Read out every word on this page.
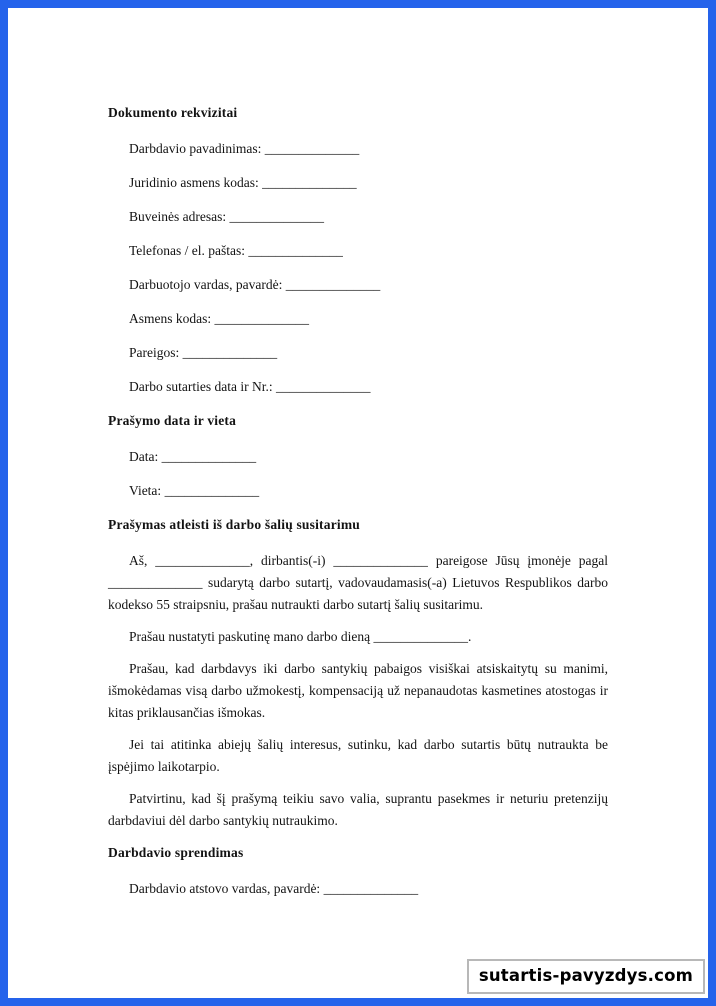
Dokumento rekvizitai

Darbdavio pavadinimas: ______________

Juridinio asmens kodas: ______________

Buveinės adresas: ______________

Telefonas / el. paštas: ______________

Darbuotojo vardas, pavardė: ______________

Asmens kodas: ______________

Pareigos: ______________

Darbo sutarties data ir Nr.: ______________

Prašymo data ir vieta

Data: ______________

Vieta: ______________

Prašymas atleisti iš darbo šalių susitarimu

Aš, ______________, dirbantis(-i) ______________ pareigose Jūsų įmonėje pagal ______________ sudarytą darbo sutartį, vadovaudamasis(-a) Lietuvos Respublikos darbo kodekso 55 straipsniu, prašau nutraukti darbo sutartį šalių susitarimu.

Prašau nustatyti paskutinę mano darbo dieną ______________.

Prašau, kad darbdavys iki darbo santykių pabaigos visiškai atsiskaitytų su manimi, išmokėdamas visą darbo užmokestį, kompensaciją už nepanaudotas kasmetines atostogas ir kitas priklausančias išmokas.

Jei tai atitinka abiejų šalių interesus, sutinku, kad darbo sutartis būtų nutraukta be įspėjimo laikotarpio.

Patvirtinu, kad šį prašymą teikiu savo valia, suprantu pasekmes ir neturiu pretenzijų darbdaviui dėl darbo santykių nutraukimo.

Darbdavio sprendimas

Darbdavio atstovo vardas, pavardė: ______________

sutartis-pavyzdys.com
